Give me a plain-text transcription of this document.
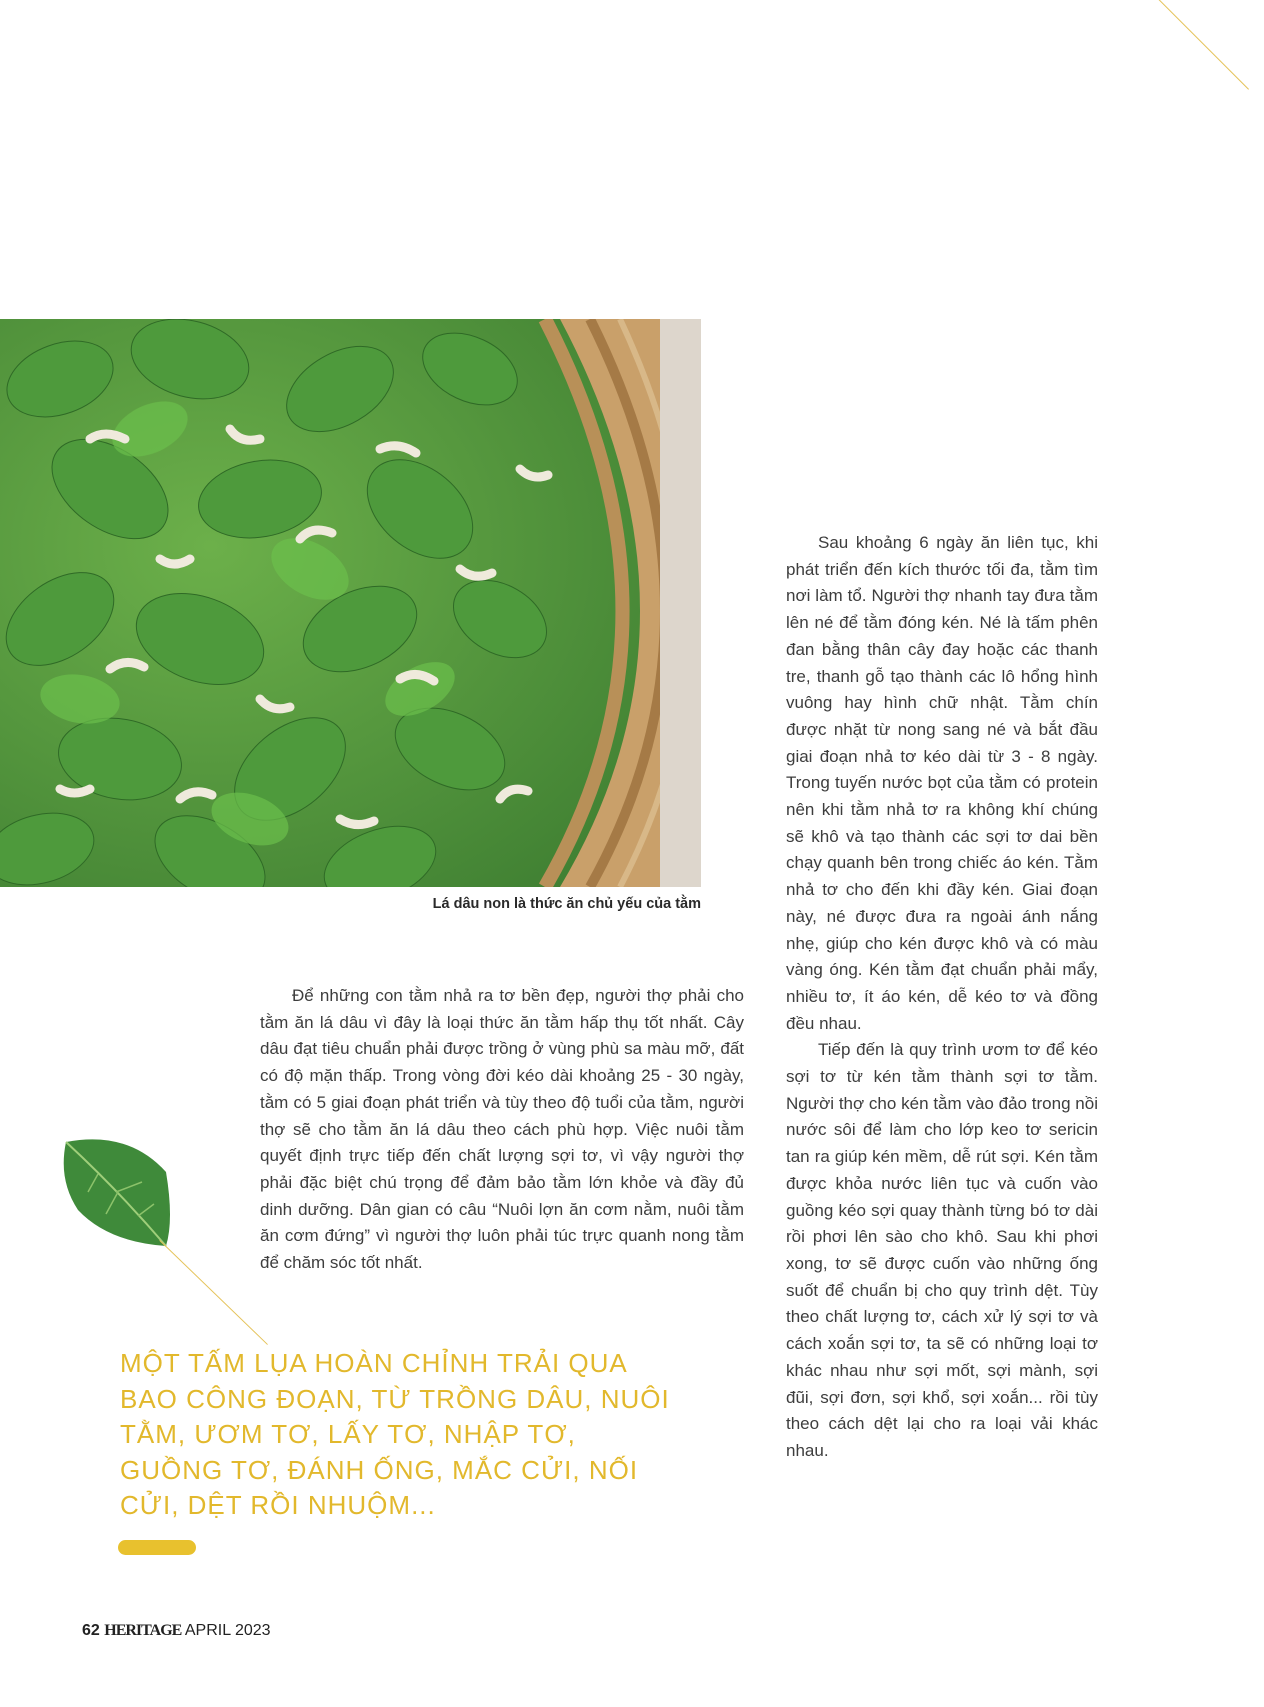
Lá dâu non là thức ăn chủ yếu của tằm

Để những con tằm nhả ra tơ bền đẹp, người thợ phải cho tằm ăn lá dâu vì đây là loại thức ăn tằm hấp thụ tốt nhất. Cây dâu đạt tiêu chuẩn phải được trồng ở vùng phù sa màu mỡ, đất có độ mặn thấp. Trong vòng đời kéo dài khoảng 25 - 30 ngày, tằm có 5 giai đoạn phát triển và tùy theo độ tuổi của tằm, người thợ sẽ cho tằm ăn lá dâu theo cách phù hợp. Việc nuôi tằm quyết định trực tiếp đến chất lượng sợi tơ, vì vậy người thợ phải đặc biệt chú trọng để đảm bảo tằm lớn khỏe và đầy đủ dinh dưỡng. Dân gian có câu “Nuôi lợn ăn cơm nằm, nuôi tằm ăn cơm đứng” vì người thợ luôn phải túc trực quanh nong tằm để chăm sóc tốt nhất.

Sau khoảng 6 ngày ăn liên tục, khi phát triển đến kích thước tối đa, tằm tìm nơi làm tổ. Người thợ nhanh tay đưa tằm lên né để tằm đóng kén. Né là tấm phên đan bằng thân cây đay hoặc các thanh tre, thanh gỗ tạo thành các lô hổng hình vuông hay hình chữ nhật. Tằm chín được nhặt từ nong sang né và bắt đầu giai đoạn nhả tơ kéo dài từ 3 - 8 ngày. Trong tuyến nước bọt của tằm có protein nên khi tằm nhả tơ ra không khí chúng sẽ khô và tạo thành các sợi tơ dai bền chạy quanh bên trong chiếc áo kén. Tằm nhả tơ cho đến khi đầy kén. Giai đoạn này, né được đưa ra ngoài ánh nắng nhẹ, giúp cho kén được khô và có màu vàng óng. Kén tằm đạt chuẩn phải mẩy, nhiều tơ, ít áo kén, dễ kéo tơ và đồng đều nhau.

Tiếp đến là quy trình ươm tơ để kéo sợi tơ từ kén tằm thành sợi tơ tằm. Người thợ cho kén tằm vào đảo trong nồi nước sôi để làm cho lớp keo tơ sericin tan ra giúp kén mềm, dễ rút sợi. Kén tằm được khỏa nước liên tục và cuốn vào guồng kéo sợi quay thành từng bó tơ dài rồi phơi lên sào cho khô. Sau khi phơi xong, tơ sẽ được cuốn vào những ống suốt để chuẩn bị cho quy trình dệt. Tùy theo chất lượng tơ, cách xử lý sợi tơ và cách xoắn sợi tơ, ta sẽ có những loại tơ khác nhau như sợi mốt, sợi mành, sợi đũi, sợi đơn, sợi khổ, sợi xoắn... rồi tùy theo cách dệt lại cho ra loại vải khác nhau.

MỘT TẤM LỤA HOÀN CHỈNH TRẢI QUA BAO CÔNG ĐOẠN, TỪ TRỒNG DÂU, NUÔI TẰM, ƯƠM TƠ, LẤY TƠ, NHẬP TƠ, GUỒNG TƠ, ĐÁNH ỐNG, MẮC CỬI, NỐI CỬI, DỆT RỒI NHUỘM...
62 HERITAGE APRIL 2023
